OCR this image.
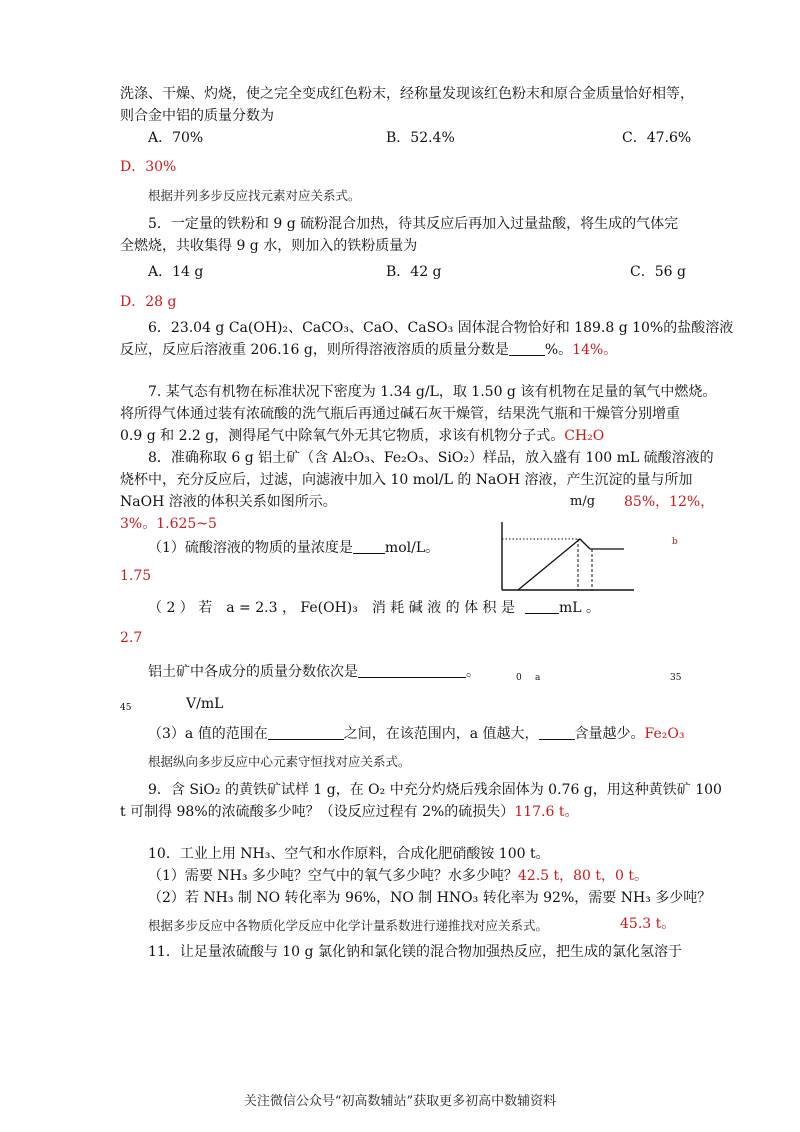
洗涤、干燥、灼烧，使之完全变成红色粉末，经称量发现该红色粉末和原合金质量恰好相等，
则合金中铝的质量分数为
A．70%	B．52.4%	C．47.6%
D．30%
根据并列多步反应找元素对应关系式。
5．一定量的铁粉和 9 g 硫粉混合加热，待其反应后再加入过量盐酸，将生成的气体完
全燃烧，共收集得 9 g 水，则加入的铁粉质量为
A．14 g	B．42 g	C．56 g
D．28 g
6．23.04 g Ca(OH)₂、CaCO₃、CaO、CaSO₃ 固体混合物恰好和 189.8 g 10%的盐酸溶液
反应，反应后溶液重 206.16 g，则所得溶液溶质的质量分数是	%。14%。
7. 某气态有机物在标准状况下密度为 1.34 g/L，取 1.50 g 该有机物在足量的氧气中燃烧。
将所得气体通过装有浓硫酸的洗气瓶后再通过碱石灰干燥管，结果洗气瓶和干燥管分别增重
0.9 g 和 2.2 g，测得尾气中除氧气外无其它物质，求该有机物分子式。CH₂O
8．准确称取 6 g 铝土矿（含 Al₂O₃、Fe₂O₃、SiO₂）样品，放入盛有 100 mL 硫酸溶液的
烧杯中，充分反应后，过滤，向滤液中加入 10 mol/L 的 NaOH 溶液，产生沉淀的量与所加
NaOH 溶液的体积关系如图所示。	m/g 85%，12%，
3%。1.625~5
b
（1）硫酸溶液的物质的量浓度是 mol/L。
1.75
（ 2 ） 若　a = 2.3 ， Fe(OH)₃　消 耗 碱 液 的 体 积 是	mL 。
2.7
铝土矿中各成分的质量分数依次是	。	0 a	35
45	V/mL
（3）a 值的范围在	之间，在该范围内，a 值越大，	含量越少。Fe₂O₃
根据纵向多步反应中心元素守恒找对应关系式。
9．含 SiO₂ 的黄铁矿试样 1 g，在 O₂ 中充分灼烧后残余固体为 0.76 g，用这种黄铁矿 100
t 可制得 98%的浓硫酸多少吨？（设反应过程有 2%的硫损失）117.6 t。
10．工业上用 NH₃、空气和水作原料，合成化肥硝酸铵 100 t。
（1）需要 NH₃ 多少吨？空气中的氧气多少吨？水多少吨？42.5 t，80 t，0 t。
（2）若 NH₃ 制 NO 转化率为 96%，NO 制 HNO₃ 转化率为 92%，需要 NH₃ 多少吨？
根据多步反应中各物质化学反应中化学计量系数进行递推找对应关系式。	45.3 t。
11．让足量浓硫酸与 10 g 氯化钠和氯化镁的混合物加强热反应，把生成的氯化氢溶于
关注微信公众号“初高数辅站”获取更多初高中数辅资料
